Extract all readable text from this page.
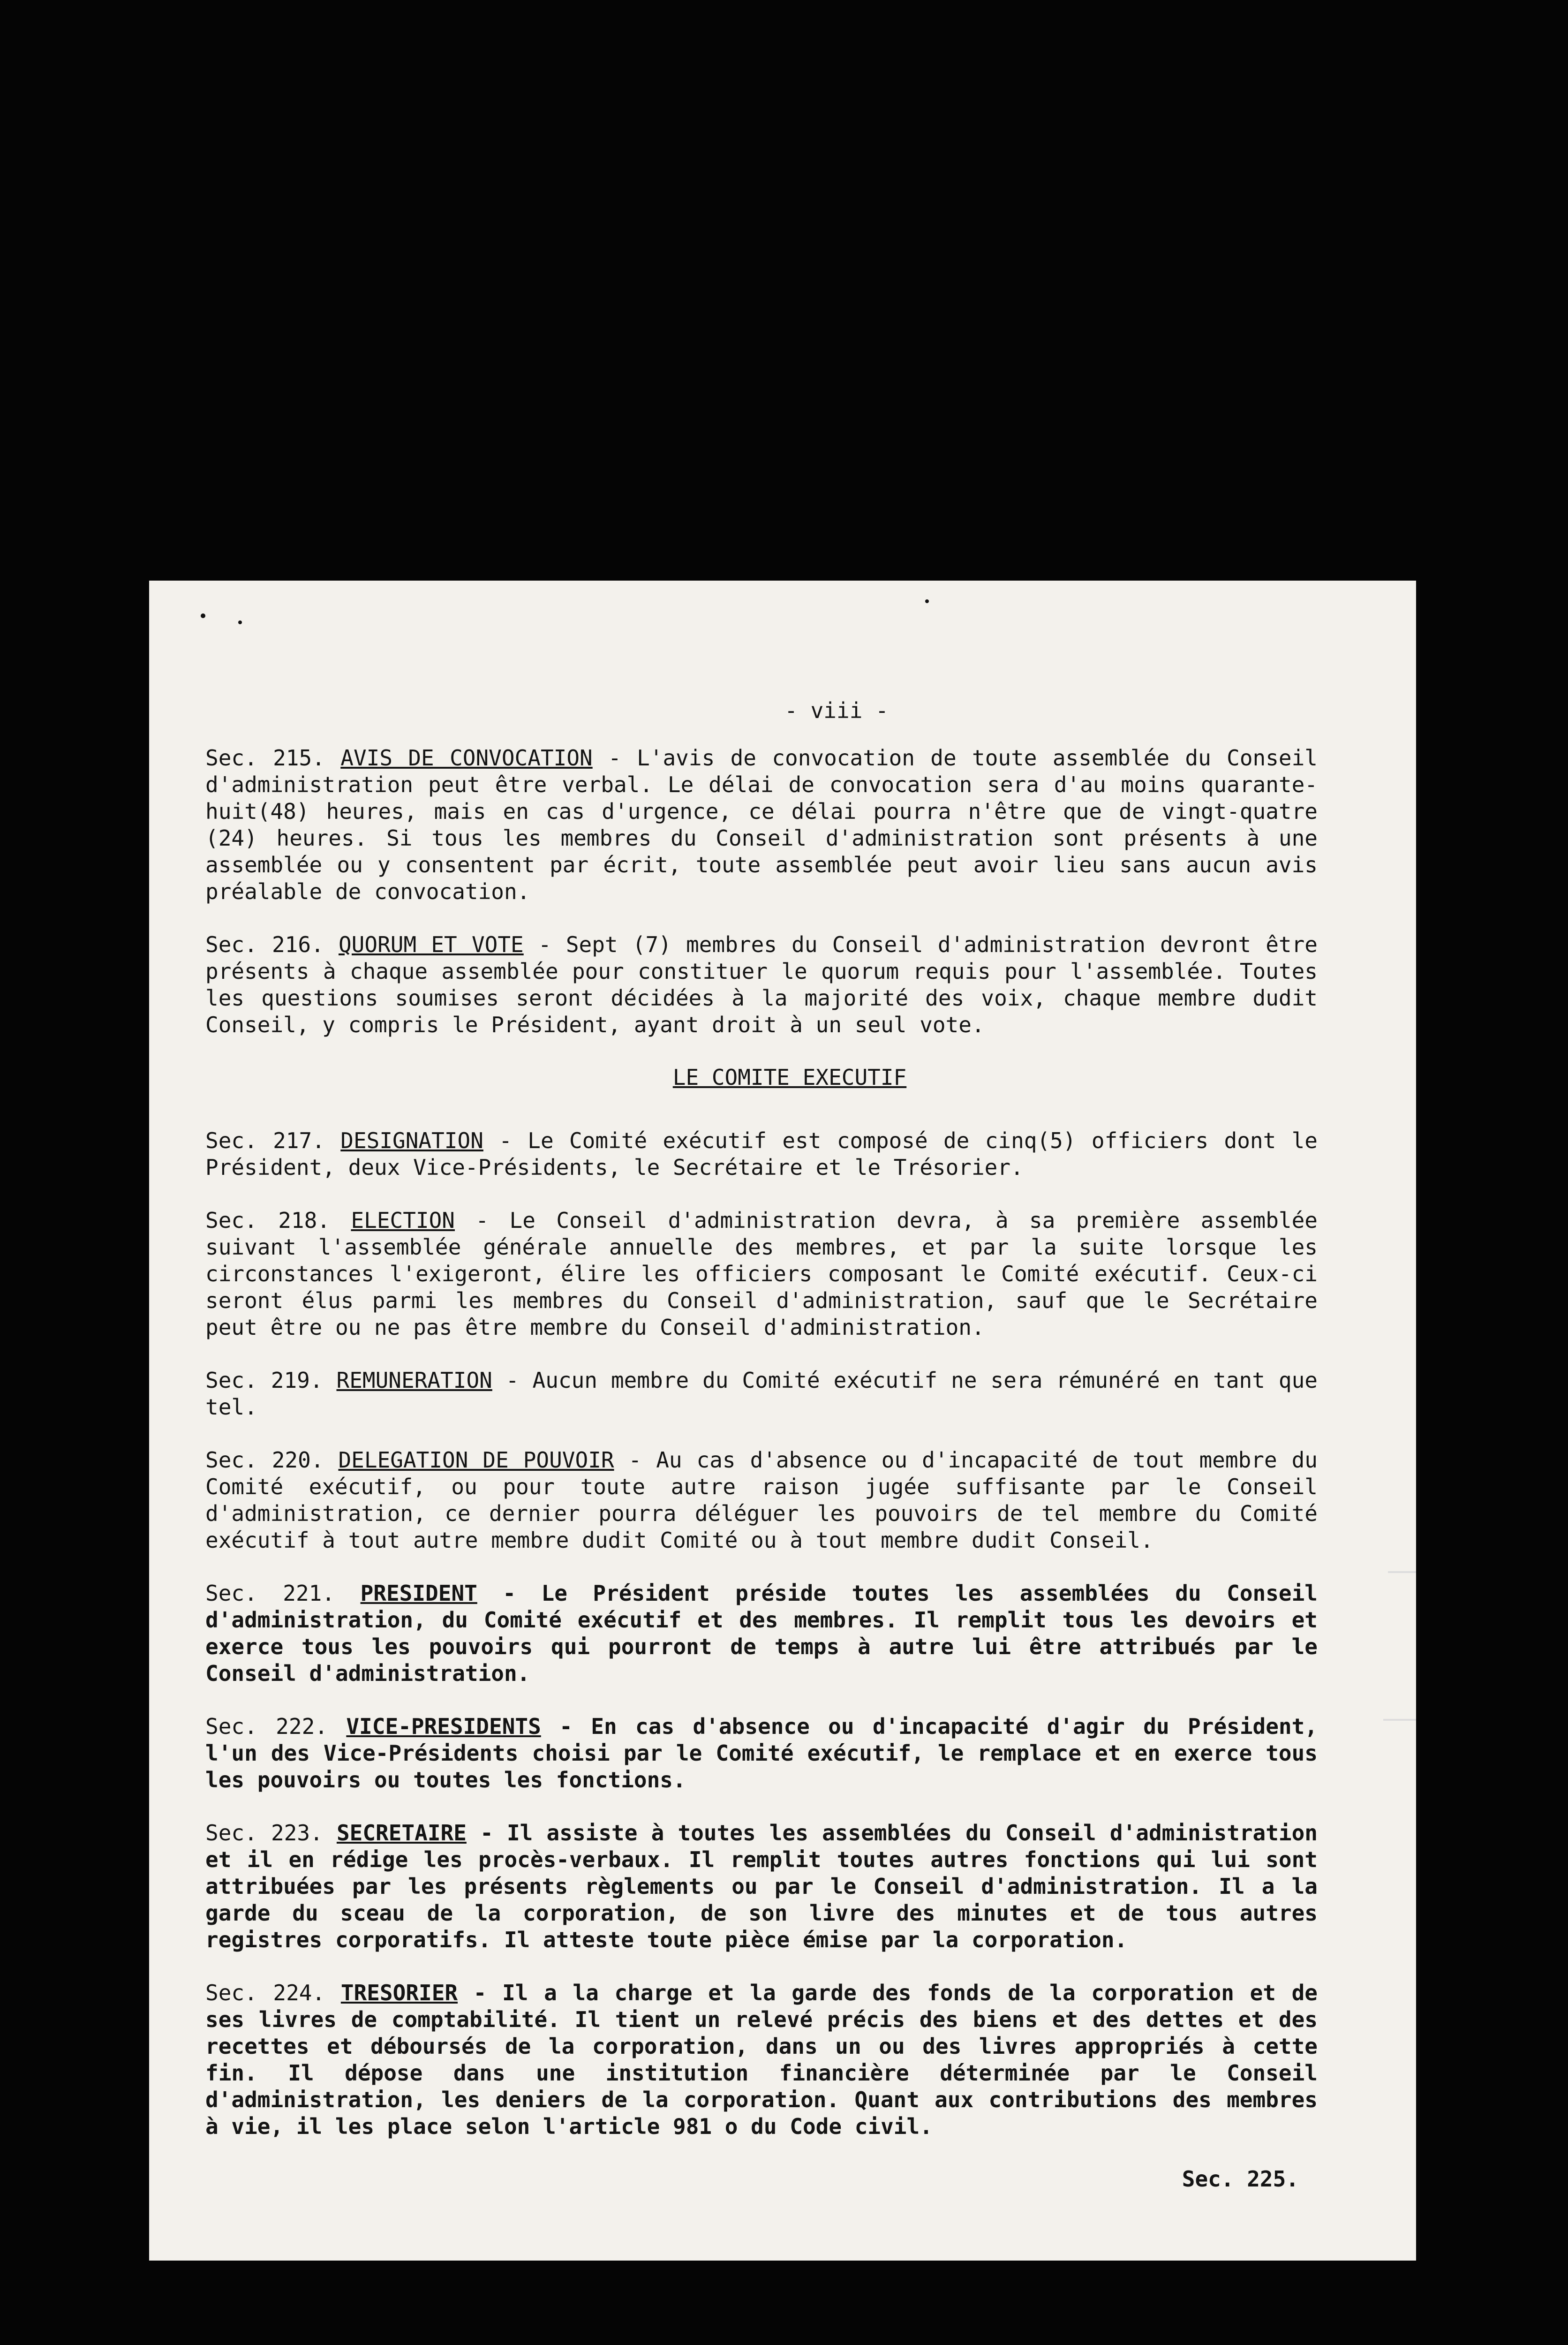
- viii -

Sec. 215. AVIS DE CONVOCATION - L'avis de convocation de toute assemblée du Conseil d'administration peut être verbal. Le délai de convocation sera d'au moins quarante-huit(48) heures, mais en cas d'urgence, ce délai pourra n'être que de vingt-quatre (24) heures. Si tous les membres du Conseil d'administration sont présents à une assemblée ou y consentent par écrit, toute assemblée peut avoir lieu sans aucun avis préalable de convocation.

Sec. 216. QUORUM ET VOTE - Sept (7) membres du Conseil d'administration devront être présents à chaque assemblée pour constituer le quorum requis pour l'assemblée. Toutes les questions soumises seront décidées à la majorité des voix, chaque membre dudit Conseil, y compris le Président, ayant droit à un seul vote.

LE COMITE EXECUTIF

Sec. 217. DESIGNATION - Le Comité exécutif est composé de cinq(5) officiers dont le Président, deux Vice-Présidents, le Secrétaire et le Trésorier.

Sec. 218. ELECTION - Le Conseil d'administration devra, à sa première assemblée suivant l'assemblée générale annuelle des membres, et par la suite lorsque les circonstances l'exigeront, élire les officiers composant le Comité exécutif. Ceux-ci seront élus parmi les membres du Conseil d'administration, sauf que le Secrétaire peut être ou ne pas être membre du Conseil d'administration.

Sec. 219. REMUNERATION - Aucun membre du Comité exécutif ne sera rémunéré en tant que tel.

Sec. 220. DELEGATION DE POUVOIR - Au cas d'absence ou d'incapacité de tout membre du Comité exécutif, ou pour toute autre raison jugée suffisante par le Conseil d'administration, ce dernier pourra déléguer les pouvoirs de tel membre du Comité exécutif à tout autre membre dudit Comité ou à tout membre dudit Conseil.

Sec. 221. PRESIDENT - Le Président préside toutes les assemblées du Conseil d'administration, du Comité exécutif et des membres. Il remplit tous les devoirs et exerce tous les pouvoirs qui pourront de temps à autre lui être attribués par le Conseil d'administration.

Sec. 222. VICE-PRESIDENTS - En cas d'absence ou d'incapacité d'agir du Président, l'un des Vice-Présidents choisi par le Comité exécutif, le remplace et en exerce tous les pouvoirs ou toutes les fonctions.

Sec. 223. SECRETAIRE - Il assiste à toutes les assemblées du Conseil d'administration et il en rédige les procès-verbaux. Il remplit toutes autres fonctions qui lui sont attribuées par les présents règlements ou par le Conseil d'administration. Il a la garde du sceau de la corporation, de son livre des minutes et de tous autres registres corporatifs. Il atteste toute pièce émise par la corporation.

Sec. 224. TRESORIER - Il a la charge et la garde des fonds de la corporation et de ses livres de comptabilité. Il tient un relevé précis des biens et des dettes et des recettes et déboursés de la corporation, dans un ou des livres appropriés à cette fin. Il dépose dans une institution financière déterminée par le Conseil d'administration, les deniers de la corporation. Quant aux contributions des membres à vie, il les place selon l'article 981 o du Code civil.

Sec. 225.
